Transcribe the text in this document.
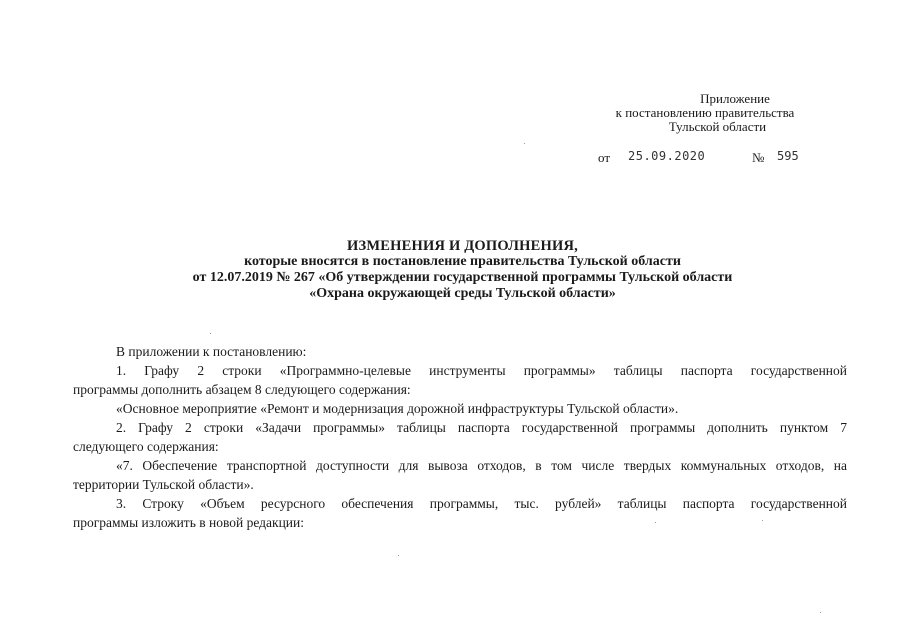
Приложение
к постановлению правительства
Тульской области
от 25.09.2020	№ 595
ИЗМЕНЕНИЯ И ДОПОЛНЕНИЯ,
которые вносятся в постановление правительства Тульской области
от 12.07.2019 № 267 «Об утверждении государственной программы Тульской области
«Охрана окружающей среды Тульской области»

В приложении к постановлению:

1. Графу 2 строки «Программно-целевые инструменты программы» таблицы паспорта государственной

программы дополнить абзацем 8 следующего содержания:

«Основное мероприятие «Ремонт и модернизация дорожной инфраструктуры Тульской области».

2. Графу 2 строки «Задачи программы» таблицы паспорта государственной программы дополнить пунктом 7

следующего содержания:

«7. Обеспечение транспортной доступности для вывоза отходов, в том числе твердых коммунальных отходов, на

территории Тульской области».

3. Строку «Объем ресурсного обеспечения программы, тыс. рублей» таблицы паспорта государственной

программы изложить в новой редакции:
